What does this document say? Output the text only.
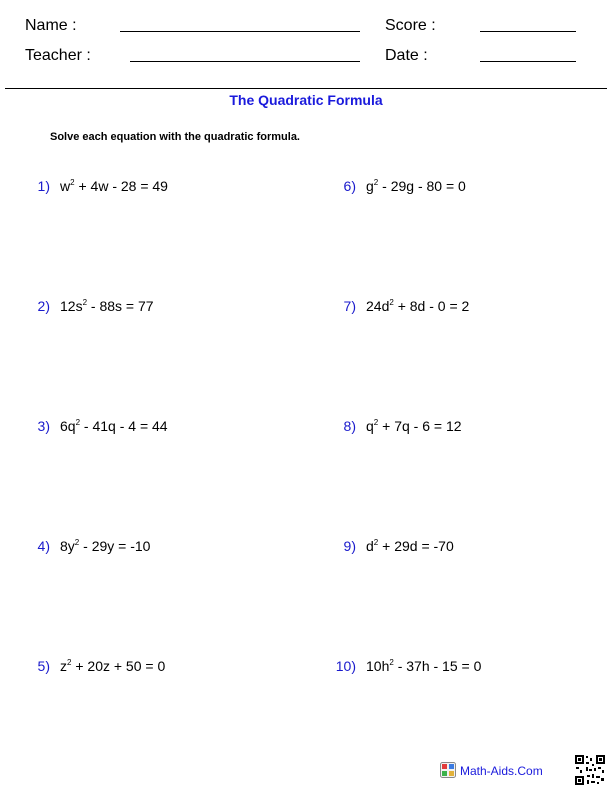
Name :	Score :
Teacher :	Date :
The Quadratic Formula
Solve each equation with the quadratic formula.
1) $w^2 + 4w - 28 = 49$
2) $12s^2 - 88s = 77$
3) $6q^2 - 41q - 4 = 44$
4) $8y^2 - 29y = -10$
5) $z^2 + 20z + 50 = 0$
6) $g^2 - 29g - 80 = 0$
7) $24d^2 + 8d - 0 = 2$
8) $q^2 + 7q - 6 = 12$
9) $d^2 + 29d = -70$
10) $10h^2 - 37h - 15 = 0$
Math-Aids.Com
